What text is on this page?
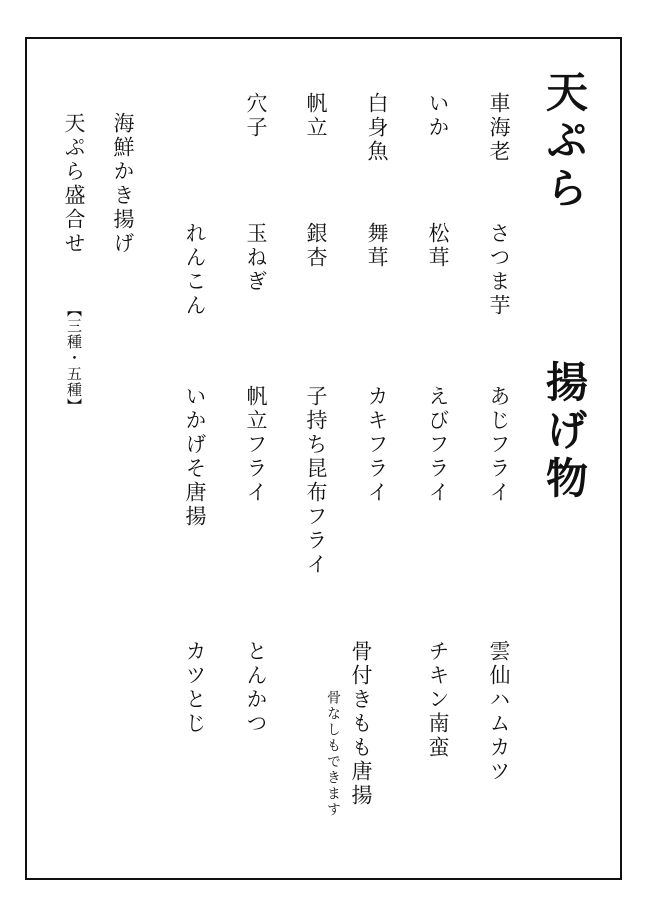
天ぷら
車海老
さつま芋
いか
松茸
白身魚
舞茸
帆立
銀杏
穴子
玉ねぎ
れんこん
海鮮かき揚げ
天ぷら盛合せ
【三種・五種】
揚げ物
あじフライ
えびフライ
カキフライ
子持ち昆布フライ
帆立フライ
いかげそ唐揚
雲仙ハムカツ
チキン南蛮
骨付きもも唐揚
骨なしもできます
とんかつ
カツとじ
